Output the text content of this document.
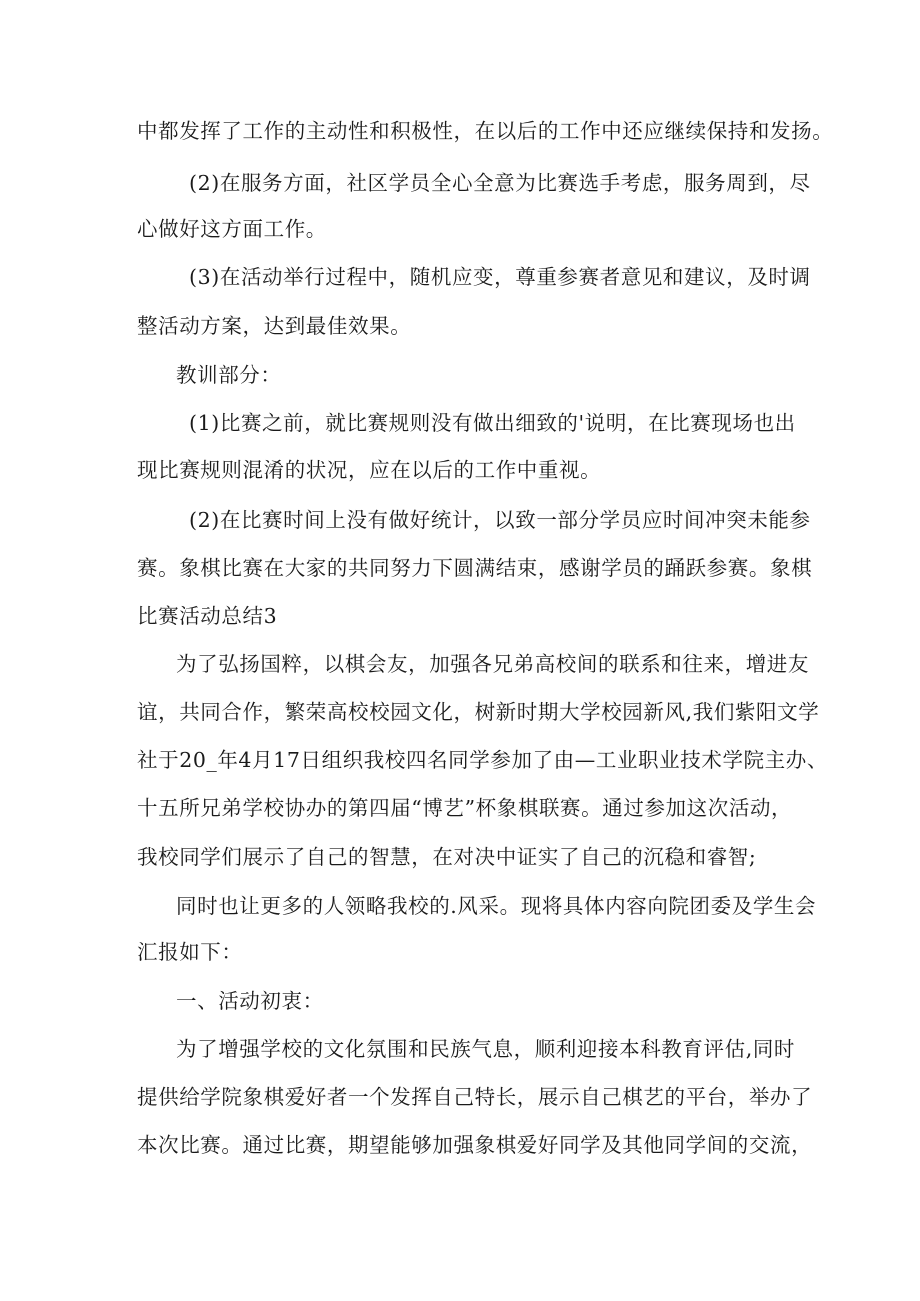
中都发挥了工作的主动性和积极性，在以后的工作中还应继续保持和发扬。
(2)在服务方面，社区学员全心全意为比赛选手考虑，服务周到，尽
心做好这方面工作。
(3)在活动举行过程中，随机应变，尊重参赛者意见和建议，及时调
整活动方案，达到最佳效果。
教训部分：
(1)比赛之前，就比赛规则没有做出细致的'说明，在比赛现场也出
现比赛规则混淆的状况，应在以后的工作中重视。
(2)在比赛时间上没有做好统计，以致一部分学员应时间冲突未能参
赛。象棋比赛在大家的共同努力下圆满结束，感谢学员的踊跃参赛。象棋
比赛活动总结3
为了弘扬国粹，以棋会友，加强各兄弟高校间的联系和往来，增进友
谊，共同合作，繁荣高校校园文化，树新时期大学校园新风,我们紫阳文学
社于20_年4月17日组织我校四名同学参加了由—工业职业技术学院主办、
十五所兄弟学校协办的第四届“博艺”杯象棋联赛。通过参加这次活动，
我校同学们展示了自己的智慧，在对决中证实了自己的沉稳和睿智;
同时也让更多的人领略我校的.风采。现将具体内容向院团委及学生会
汇报如下：
一、活动初衷：
为了增强学校的文化氛围和民族气息，顺利迎接本科教育评估,同时
提供给学院象棋爱好者一个发挥自己特长，展示自己棋艺的平台，举办了
本次比赛。通过比赛，期望能够加强象棋爱好同学及其他同学间的交流，
